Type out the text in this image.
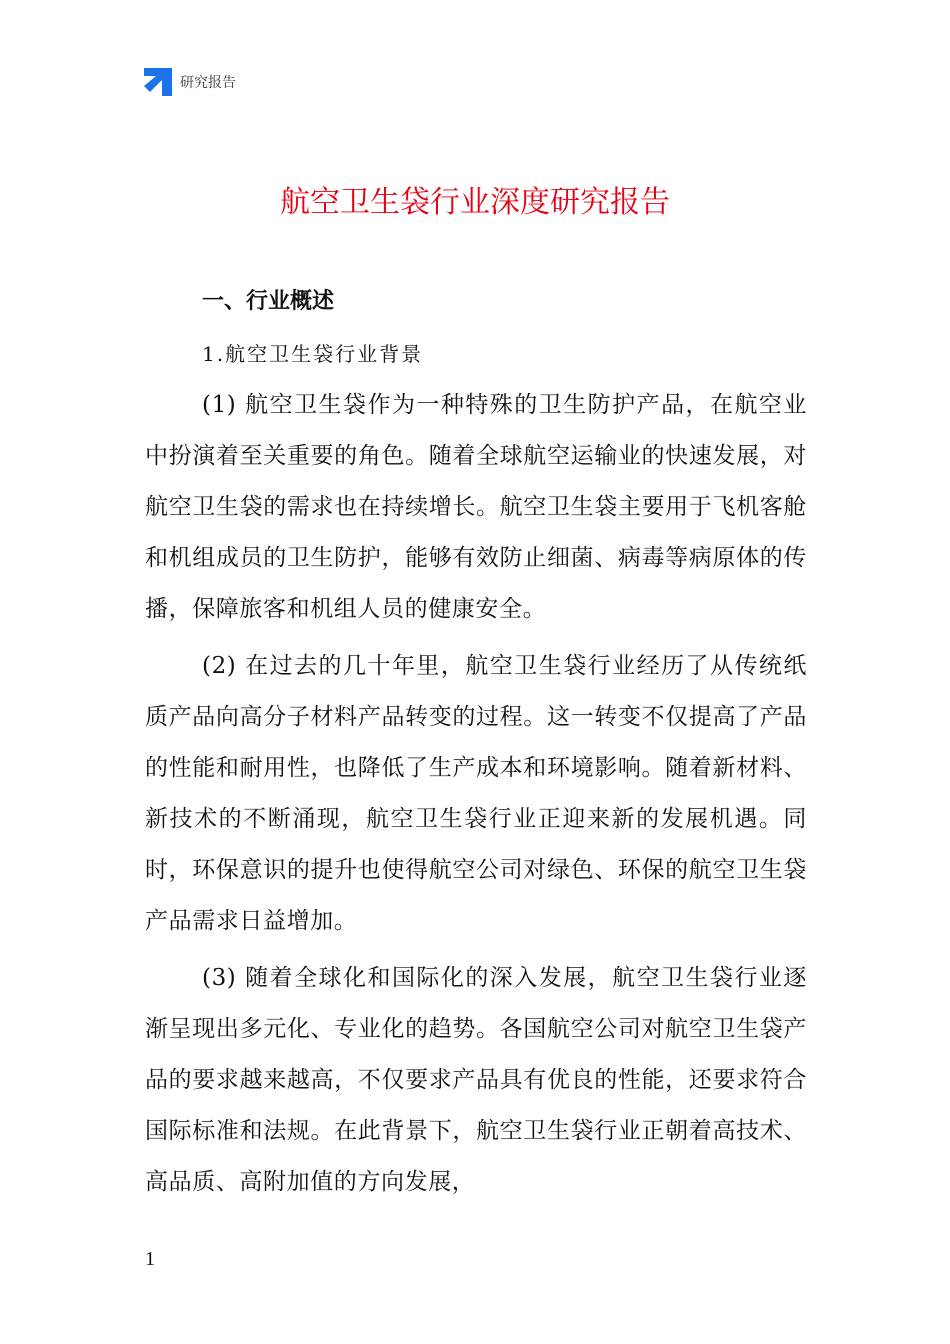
研究报告
航空卫生袋行业深度研究报告
一、行业概述
1.航空卫生袋行业背景

(1) 航空卫生袋作为一种特殊的卫生防护产品，在航空业中扮演着至关重要的角色。随着全球航空运输业的快速发展，对航空卫生袋的需求也在持续增长。航空卫生袋主要用于飞机客舱和机组成员的卫生防护，能够有效防止细菌、病毒等病原体的传播，保障旅客和机组人员的健康安全。

(2) 在过去的几十年里，航空卫生袋行业经历了从传统纸质产品向高分子材料产品转变的过程。这一转变不仅提高了产品的性能和耐用性，也降低了生产成本和环境影响。随着新材料、新技术的不断涌现，航空卫生袋行业正迎来新的发展机遇。同时，环保意识的提升也使得航空公司对绿色、环保的航空卫生袋产品需求日益增加。

(3) 随着全球化和国际化的深入发展，航空卫生袋行业逐渐呈现出多元化、专业化的趋势。各国航空公司对航空卫生袋产品的要求越来越高，不仅要求产品具有优良的性能，还要求符合国际标准和法规。在此背景下，航空卫生袋行业正朝着高技术、高品质、高附加值的方向发展，

1
